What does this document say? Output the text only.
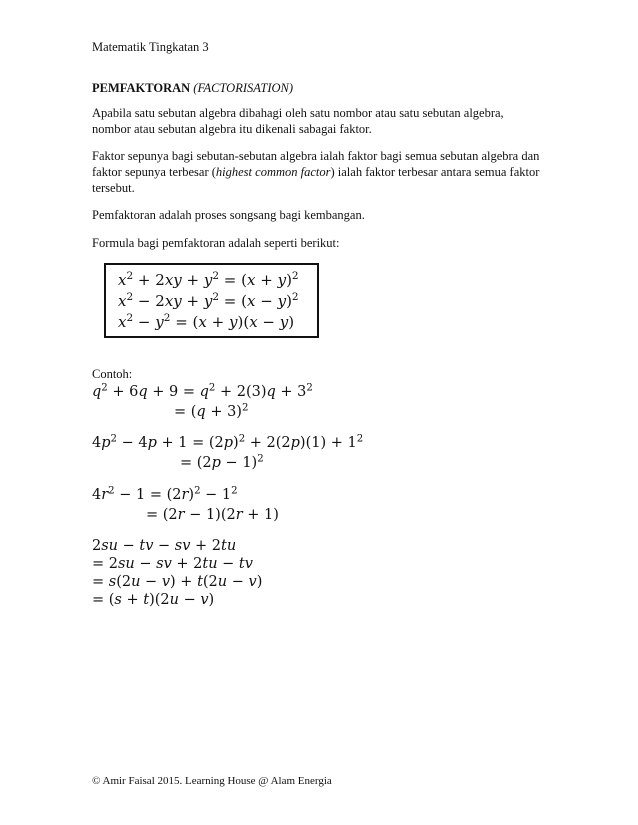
Matematik Tingkatan 3
PEMFAKTORAN (FACTORISATION)
Apabila satu sebutan algebra dibahagi oleh satu nombor atau satu sebutan algebra,
nombor atau sebutan algebra itu dikenali sabagai faktor.
Faktor sepunya bagi sebutan-sebutan algebra ialah faktor bagi semua sebutan algebra dan
faktor sepunya terbesar (highest common factor) ialah faktor terbesar antara semua faktor
tersebut.
Pemfaktoran adalah proses songsang bagi kembangan.
Formula bagi pemfaktoran adalah seperti berikut:
$x^2 + 2xy + y^2 = (x + y)^2$
$x^2 - 2xy + y^2 = (x - y)^2$
$x^2 - y^2 = (x + y)(x - y)$
Contoh:
$q^2 + 6q + 9 = q^2 + 2(3)q + 3^2$
= $(q + 3)^2$
$4p^2 - 4p + 1 = (2p)^2 + 2(2p)(1) + 1^2$
= $(2p - 1)^2$
$4r^2 - 1 = (2r)^2 - 1^2$
= (2r − 1)(2r + 1)
2su − tv − sv + 2tu
= 2su − sv + 2tu − tv
= s(2u − v) + t(2u − v)
= (s + t)(2u − v)
© Amir Faisal 2015. Learning House @ Alam Energia
